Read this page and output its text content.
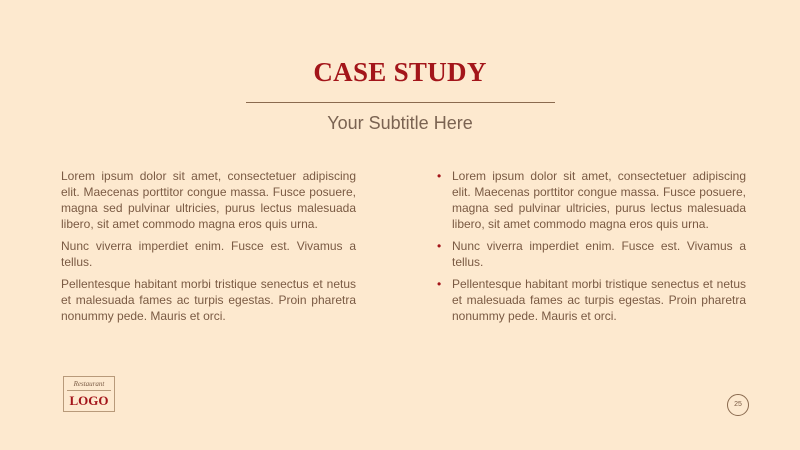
CASE STUDY
Your Subtitle Here

Lorem ipsum dolor sit amet, consectetuer adipiscing elit. Maecenas porttitor congue massa. Fusce posuere, magna sed pulvinar ultricies, purus lectus malesuada libero, sit amet commodo magna eros quis urna.

Nunc viverra imperdiet enim. Fusce est. Vivamus a tellus.

Pellentesque habitant morbi tristique senectus et netus et malesuada fames ac turpis egestas. Proin pharetra nonummy pede. Mauris et orci.

• Lorem ipsum dolor sit amet, consectetuer adipiscing elit. Maecenas porttitor congue massa. Fusce posuere, magna sed pulvinar ultricies, purus lectus malesuada libero, sit amet commodo magna eros quis urna.
• Nunc viverra imperdiet enim. Fusce est. Vivamus a tellus.
• Pellentesque habitant morbi tristique senectus et netus et malesuada fames ac turpis egestas. Proin pharetra nonummy pede. Mauris et orci.
Restaurant
LOGO	25
